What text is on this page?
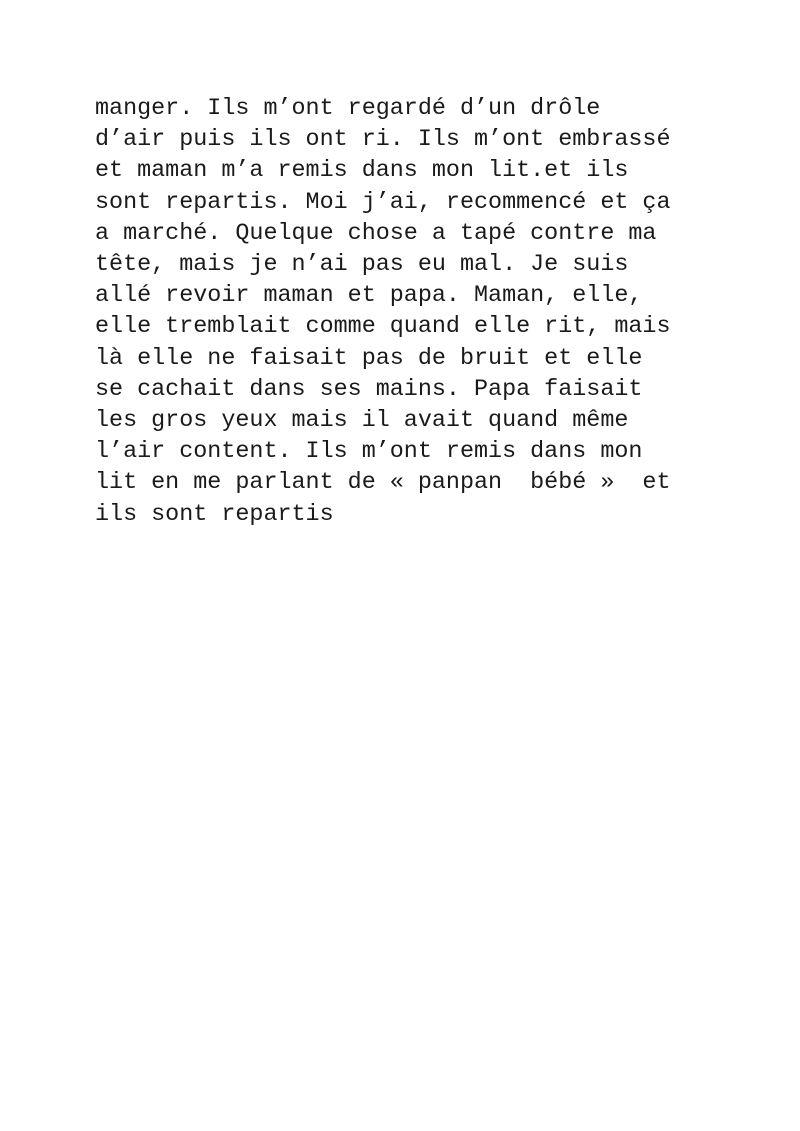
manger. Ils m’ont regardé d’un drôle
d’air puis ils ont ri. Ils m’ont embrassé
et maman m’a remis dans mon lit.et ils
sont repartis. Moi j’ai, recommencé et ça
a marché. Quelque chose a tapé contre ma
tête, mais je n’ai pas eu mal. Je suis
allé revoir maman et papa. Maman, elle,
elle tremblait comme quand elle rit, mais
là elle ne faisait pas de bruit et elle
se cachait dans ses mains. Papa faisait
les gros yeux mais il avait quand même
l’air content. Ils m’ont remis dans mon
lit en me parlant de « panpan  bébé »  et
ils sont repartis
